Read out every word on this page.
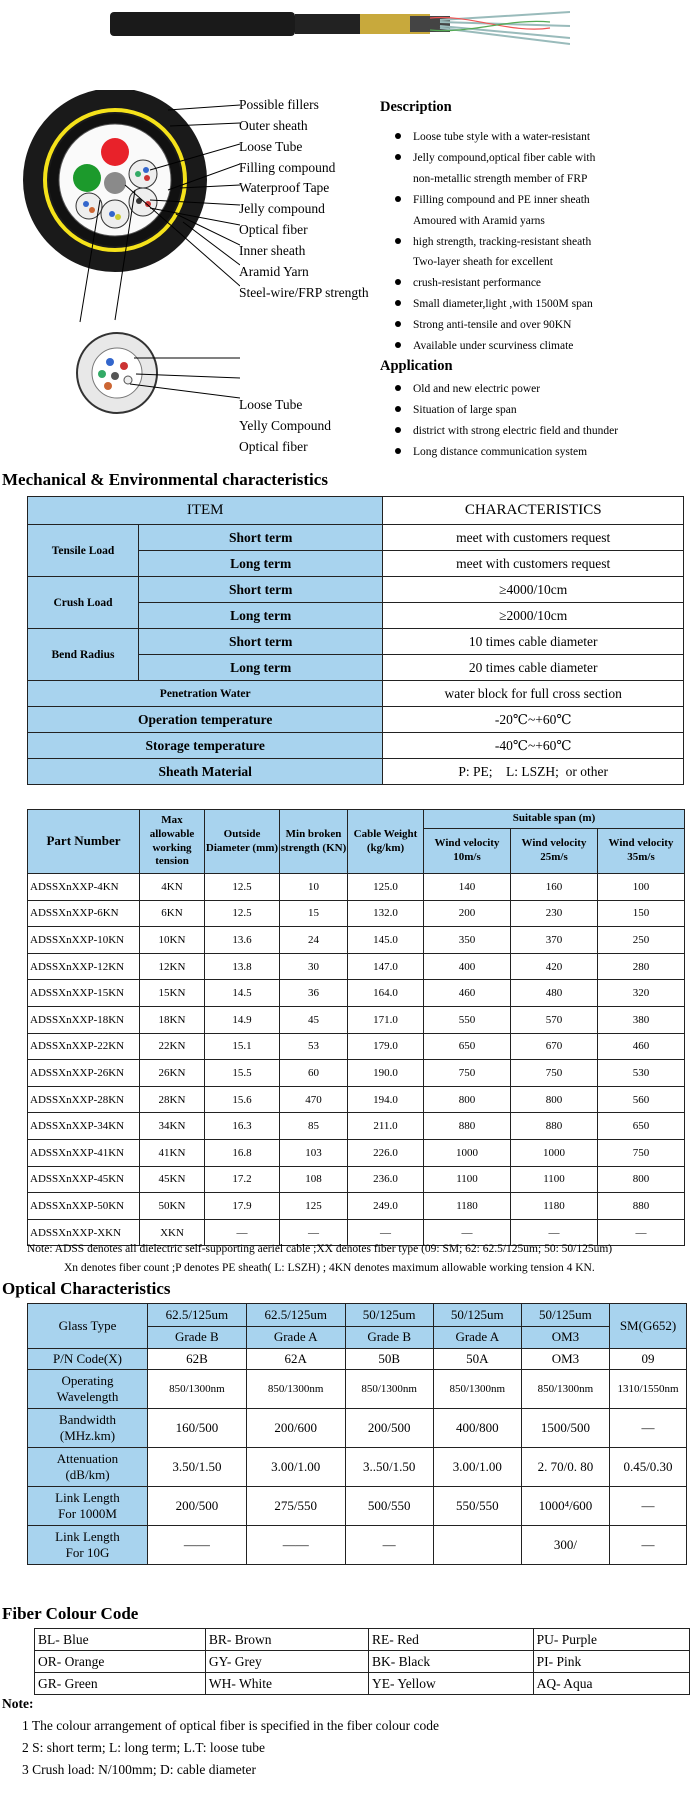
Possible fillers
Outer sheath
Loose Tube
Filling compound
Waterproof Tape
Jelly compound
Optical fiber
Inner sheath
Aramid Yarn
Steel-wire/FRP strength
Loose Tube
Yelly Compound
Optical fiber
Description
Loose tube style with a water-resistant
Jelly compound,optical fiber cable with
non-metallic strength member of FRP
Filling compound and PE inner sheath
Amoured with Aramid yarns
high strength, tracking-resistant sheath
Two-layer sheath for excellent
crush-resistant performance
Small diameter,light ,with 1500M span
Strong anti-tensile and over 90KN
Available under scurviness climate
Application
Old and new electric power
Situation of large span
district with strong electric field and thunder
Long distance communication system
Mechanical & Environmental characteristics
ITEM		CHARACTERISTICS
Tensile Load	Short term	meet with customers request
	Long term	meet with customers request
Crush Load	Short term	≥4000/10cm
	Long term	≥2000/10cm
Bend Radius	Short term	10 times cable diameter
	Long term	20 times cable diameter
Penetration Water		water block for full cross section
Operation temperature		-20℃~+60℃
Storage temperature		-40℃~+60℃
Sheath Material		P: PE;    L: LSZH;  or other
Part Number	Max allowable working tension	Outside Diameter (mm)	Min broken strength (KN)	Cable Weight (kg/km)	Suitable span (m)		
					Wind velocity 10m/s	Wind velocity 25m/s	Wind velocity 35m/s
ADSSXnXXP-4KN	4KN	12.5	10	125.0	140	160	100
ADSSXnXXP-6KN	6KN	12.5	15	132.0	200	230	150
ADSSXnXXP-10KN	10KN	13.6	24	145.0	350	370	250
ADSSXnXXP-12KN	12KN	13.8	30	147.0	400	420	280
ADSSXnXXP-15KN	15KN	14.5	36	164.0	460	480	320
ADSSXnXXP-18KN	18KN	14.9	45	171.0	550	570	380
ADSSXnXXP-22KN	22KN	15.1	53	179.0	650	670	460
ADSSXnXXP-26KN	26KN	15.5	60	190.0	750	750	530
ADSSXnXXP-28KN	28KN	15.6	470	194.0	800	800	560
ADSSXnXXP-34KN	34KN	16.3	85	211.0	880	880	650
ADSSXnXXP-41KN	41KN	16.8	103	226.0	1000	1000	750
ADSSXnXXP-45KN	45KN	17.2	108	236.0	1100	1100	800
ADSSXnXXP-50KN	50KN	17.9	125	249.0	1180	1180	880
ADSSXnXXP-XKN	XKN	—	—	—	—	—	—
Note: ADSS denotes all dielectric self-supporting aeriel cable ;XX denotes fiber type (09: SM; 62: 62.5/125um; 50: 50/125um)
Xn denotes fiber count ;P denotes PE sheath( L: LSZH) ; 4KN denotes maximum allowable working tension 4 KN.
Optical Characteristics
Glass Type	62.5/125um	62.5/125um	50/125um	50/125um	50/125um	SM(G652)
	Grade B	Grade A	Grade B	Grade A	OM3	
P/N Code(X)	62B	62A	50B	50A	OM3	09

Operating
Wavelength	850/1300nm	850/1300nm	850/1300nm	850/1300nm	850/1300nm	1310/1550nm

Bandwidth
(MHz.km)	160/500	200/600	200/500	400/800	1500/500	—

Attenuation
(dB/km)	3.50/1.50	3.00/1.00	3..50/1.50	3.00/1.00	2. 70/0. 80	0.45/0.30

Link Length
For 1000M	200/500	275/550	500/550	550/550	1000⁴/600	—

Link Length
For 10G	——	——	—		300/	—
Fiber Colour Code
BL- Blue	BR- Brown	RE- Red	PU- Purple
OR- Orange	GY- Grey	BK- Black	PI- Pink
GR- Green	WH- White	YE- Yellow	AQ- Aqua
Note:
1 The colour arrangement of optical fiber is specified in the fiber colour code
2 S: short term; L: long term; L.T: loose tube
3 Crush load: N/100mm; D: cable diameter
